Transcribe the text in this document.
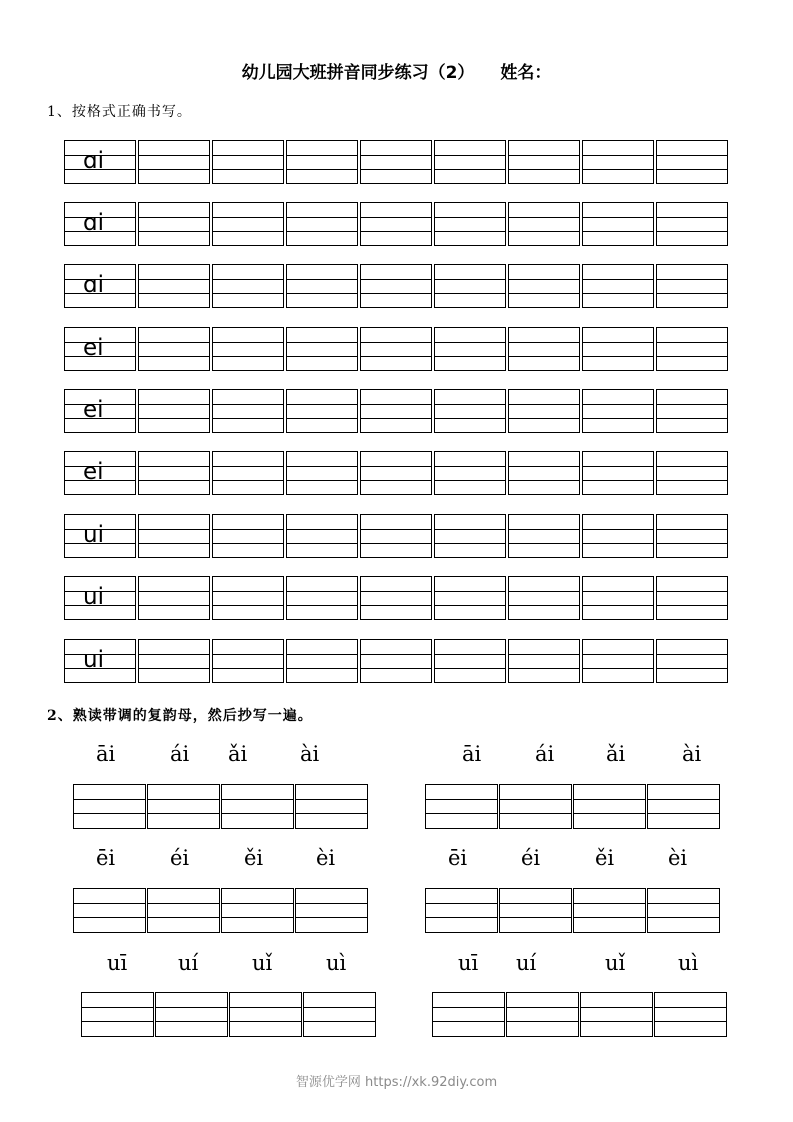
幼儿园大班拼音同步练习（2） 姓名：
1、按格式正确书写。
ɑi
ɑi
ɑi
ei
ei
ei
ui
ui
ui
2、熟读带调的复韵母，然后抄写一遍。
āi	ái ǎi	ài	āi	ái ǎi	ài
ēi	éi	ěi	èi	ēi	éi	ěi	èi
uī uí	uǐ	uì	uī uí	uǐ	uì
智源优学网 https://xk.92diy.com
